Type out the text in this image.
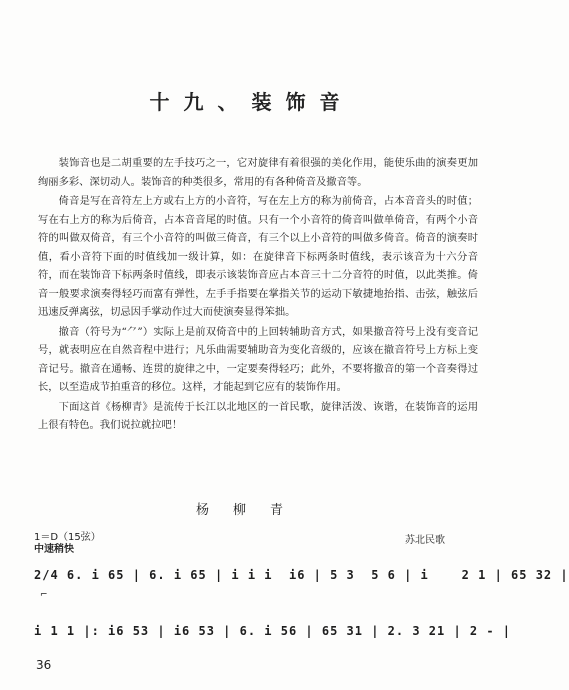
十九、装饰音

装饰音也是二胡重要的左手技巧之一，它对旋律有着很强的美化作用，能使乐曲的演奏更加绚丽多彩、深切动人。装饰音的种类很多，常用的有各种倚音及撤音等。

倚音是写在音符左上方或右上方的小音符，写在左上方的称为前倚音，占本音音头的时值；写在右上方的称为后倚音，占本音音尾的时值。只有一个小音符的倚音叫做单倚音，有两个小音符的叫做双倚音，有三个小音符的叫做三倚音，有三个以上小音符的叫做多倚音。倚音的演奏时值，看小音符下面的时值线加一级计算，如：在旋律音下标两条时值线，表示该音为十六分音符，而在装饰音下标两条时值线，即表示该装饰音应占本音三十二分音符的时值，以此类推。倚音一般要求演奏得轻巧而富有弹性，左手手指要在掌指关节的运动下敏捷地抬指、击弦，触弦后迅速反弹离弦，切忌因手掌动作过大而使演奏显得笨拙。

撤音（符号为“⺈”）实际上是前双倚音中的上回转辅助音方式，如果撤音符号上没有变音记号，就表明应在自然音程中进行；凡乐曲需要辅助音为变化音级的，应该在撤音符号上方标上变音记号。撤音在通畅、连贯的旋律之中，一定要奏得轻巧；此外，不要将撤音的第一个音奏得过长，以至造成节拍重音的移位。这样，才能起到它应有的装饰作用。

下面这首《杨柳青》是流传于长江以北地区的一首民歌，旋律活泼、诙谐，在装饰音的运用上很有特色。我们说拉就拉吧！

杨柳青
1＝D（15弦）
中速稍快
苏北民歌
2/4 6. i 65 | 6. i 65 | i i i  i6 | 5 3  5 6 | i    2 1 | 65 32 |
⌐
i 1 1 |: i6 53 | i6 53 | 6. i 56 | 65 31 | 2. 3 21 | 2 - |
36
